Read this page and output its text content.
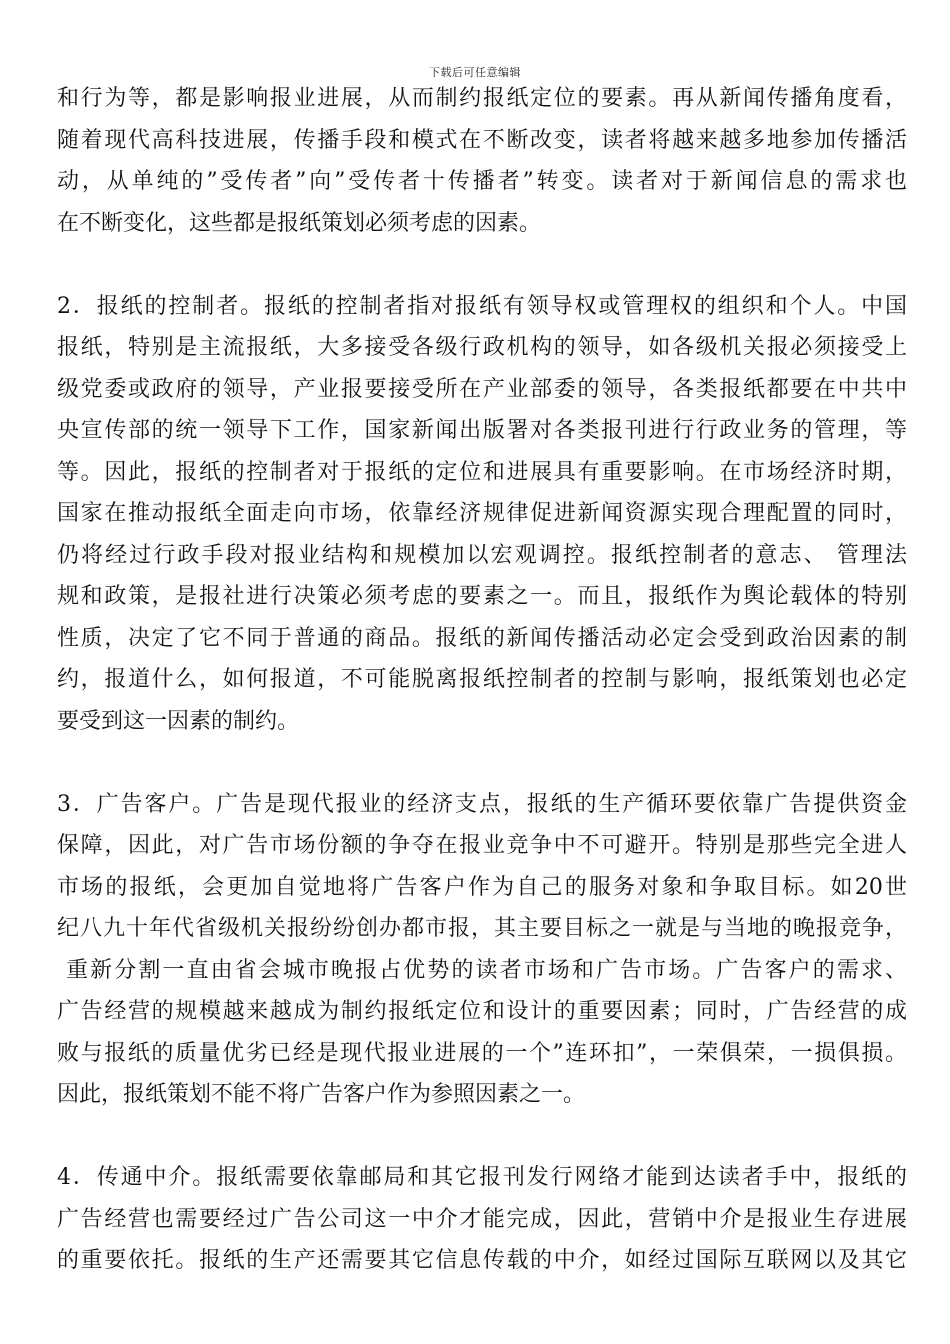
下载后可任意编辑
和行为等，都是影响报业进展，从而制约报纸定位的要素。再从新闻传播角度看，
随着现代高科技进展，传播手段和模式在不断改变，读者将越来越多地参加传播活
动，从单纯的”受传者”向”受传者十传播者”转变。读者对于新闻信息的需求也
在不断变化，这些都是报纸策划必须考虑的因素。
2．报纸的控制者。报纸的控制者指对报纸有领导权或管理权的组织和个人。中国
报纸，特别是主流报纸，大多接受各级行政机构的领导，如各级机关报必须接受上
级党委或政府的领导，产业报要接受所在产业部委的领导，各类报纸都要在中共中
央宣传部的统一领导下工作，国家新闻出版署对各类报刊进行行政业务的管理，等
等。因此，报纸的控制者对于报纸的定位和进展具有重要影响。在市场经济时期，
国家在推动报纸全面走向市场，依靠经济规律促进新闻资源实现合理配置的同时，
仍将经过行政手段对报业结构和规模加以宏观调控。报纸控制者的意志、 管理法
规和政策，是报社进行决策必须考虑的要素之一。而且，报纸作为舆论载体的特别
性质，决定了它不同于普通的商品。报纸的新闻传播活动必定会受到政治因素的制
约，报道什么，如何报道，不可能脱离报纸控制者的控制与影响，报纸策划也必定
要受到这一因素的制约。
3．广告客户。广告是现代报业的经济支点，报纸的生产循环要依靠广告提供资金
保障，因此，对广告市场份额的争夺在报业竞争中不可避开。特别是那些完全进人
市场的报纸，会更加自觉地将广告客户作为自己的服务对象和争取目标。如20世
纪八九十年代省级机关报纷纷创办都市报，其主要目标之一就是与当地的晚报竞争，
重新分割一直由省会城市晚报占优势的读者市场和广告市场。广告客户的需求、
广告经营的规模越来越成为制约报纸定位和设计的重要因素；同时，广告经营的成
败与报纸的质量优劣已经是现代报业进展的一个”连环扣”，一荣俱荣，一损俱损。
因此，报纸策划不能不将广告客户作为参照因素之一。
4．传通中介。报纸需要依靠邮局和其它报刊发行网络才能到达读者手中，报纸的
广告经营也需要经过广告公司这一中介才能完成，因此，营销中介是报业生存进展
的重要依托。报纸的生产还需要其它信息传载的中介，如经过国际互联网以及其它
